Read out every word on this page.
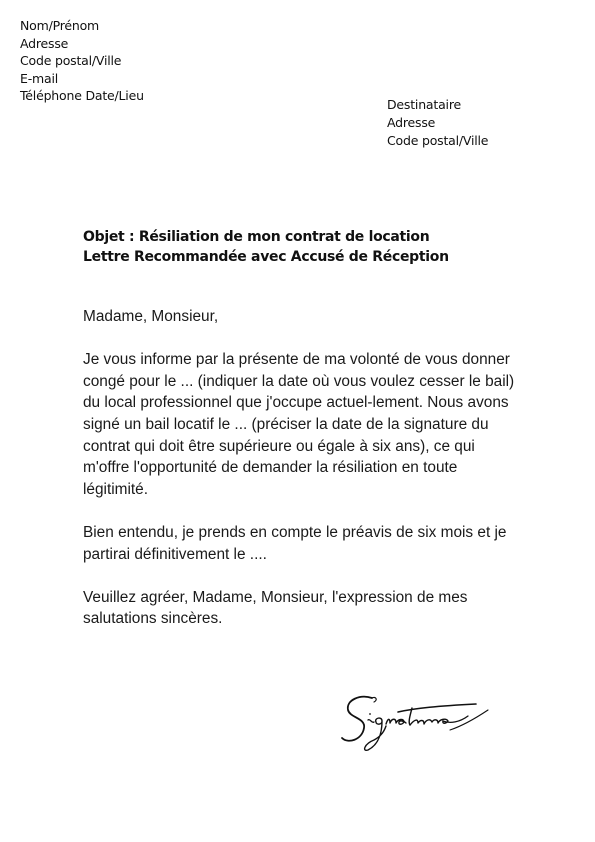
Nom/Prénom
Adresse
Code postal/Ville
E-mail
Téléphone Date/Lieu
Destinataire
Adresse
Code postal/Ville
Objet : Résiliation de mon contrat de location
Lettre Recommandée avec Accusé de Réception

Madame, Monsieur,

Je vous informe par la présente de ma volonté de vous donner congé pour le ... (indiquer la date où vous voulez cesser le bail) du local professionnel que j'occupe actuel-lement. Nous avons signé un bail locatif le ... (préciser la date de la signature du contrat qui doit être supérieure ou égale à six ans), ce qui m'offre l'opportunité de demander la résiliation en toute légitimité.

Bien entendu, je prends en compte le préavis de six mois et je partirai définitivement le ....

Veuillez agréer, Madame, Monsieur, l'expression de mes salutations sincères.
